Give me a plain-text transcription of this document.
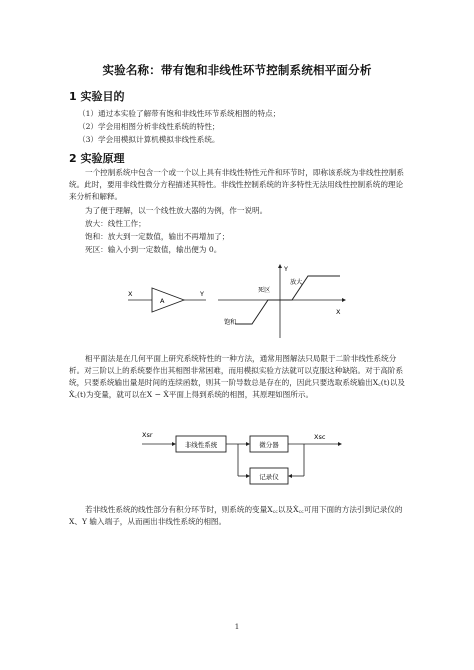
实验名称：带有饱和非线性环节控制系统相平面分析
1 实验目的
（1）通过本实验了解带有饱和非线性环节系统相图的特点；
（2）学会用相图分析非线性系统的特性；
（3）学会用模拟计算机模拟非线性系统。
2 实验原理
一个控制系统中包含一个或一个以上具有非线性特性元件和环节时，即称该系统为非线性控制系统。此时，要用非线性微分方程描述其特性。非线性控制系统的许多特性无法用线性控制系统的理论来分析和解释。
为了便于理解，以一个线性放大器的为例，作一说明。
放大：线性工作；
饱和：放大到一定数值，输出不再增加了；
死区：输入小到一定数值，输出便为 0。
X
A
Y
Y
X
死区
放大
饱和
相平面法是在几何平面上研究系统特性的一种方法，通常用图解法只局限于二阶非线性系统分析。对三阶以上的系统要作出其相图非常困难，而用模拟实验方法就可以克服这种缺陷。对于高阶系统，只要系统输出量是时间的连续函数，则其一阶导数总是存在的，因此只要选取系统输出X꜀(t)以及Ẋ꜀(t)为变量，就可以在X − Ẋ平面上得到系统的相图，其原理如图所示。
Xsr
非线性系统	微分器
Xsc
记录仪
若非线性系统的线性部分有积分环节时，则系统的变量X꜀꜀以及Ẋ꜀꜀可用下面的方法引到记录仪的X、Y 输入端子，从而画出非线性系统的相图。
1
